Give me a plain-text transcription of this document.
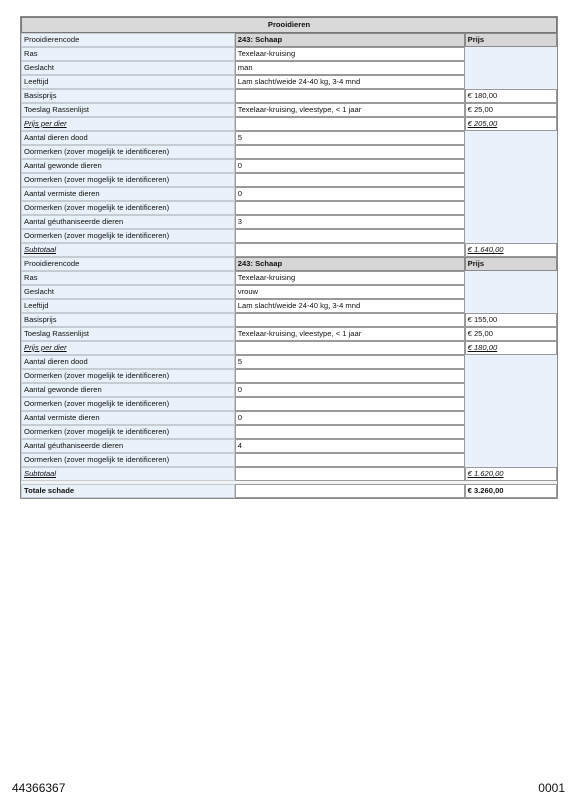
Prooidieren		
Prooidierencode	243: Schaap	Prijs
Ras	Texelaar-kruising	
Geslacht	man	
Leeftijd	Lam slacht/weide 24-40 kg, 3-4 mnd	
Basisprijs		€ 180,00
Toeslag Rassenlijst	Texelaar-kruising, vleestype, < 1 jaar	€ 25,00
Prijs per dier		€ 205,00
Aantal dieren dood	5	
Oormerken (zover mogelijk te identificeren)		
Aantal gewonde dieren	0	
Oormerken (zover mogelijk te identificeren)		
Aantal vermiste dieren	0	
Oormerken (zover mogelijk te identificeren)		
Aantal géuthaniseerde dieren	3	
Oormerken (zover mogelijk te identificeren)		
Subtotaal		€ 1.640,00
Prooidierencode	243: Schaap	Prijs
Ras	Texelaar-kruising	
Geslacht	vrouw	
Leeftijd	Lam slacht/weide 24-40 kg, 3-4 mnd	
Basisprijs		€ 155,00
Toeslag Rassenlijst	Texelaar-kruising, vleestype, < 1 jaar	€ 25,00
Prijs per dier		€ 180,00
Aantal dieren dood	5	
Oormerken (zover mogelijk te identificeren)		
Aantal gewonde dieren	0	
Oormerken (zover mogelijk te identificeren)		
Aantal vermiste dieren	0	
Oormerken (zover mogelijk te identificeren)		
Aantal géuthaniseerde dieren	4	
Oormerken (zover mogelijk te identificeren)		
Subtotaal		€ 1.620,00

Totale schade		€ 3.260,00
44366367	0001
